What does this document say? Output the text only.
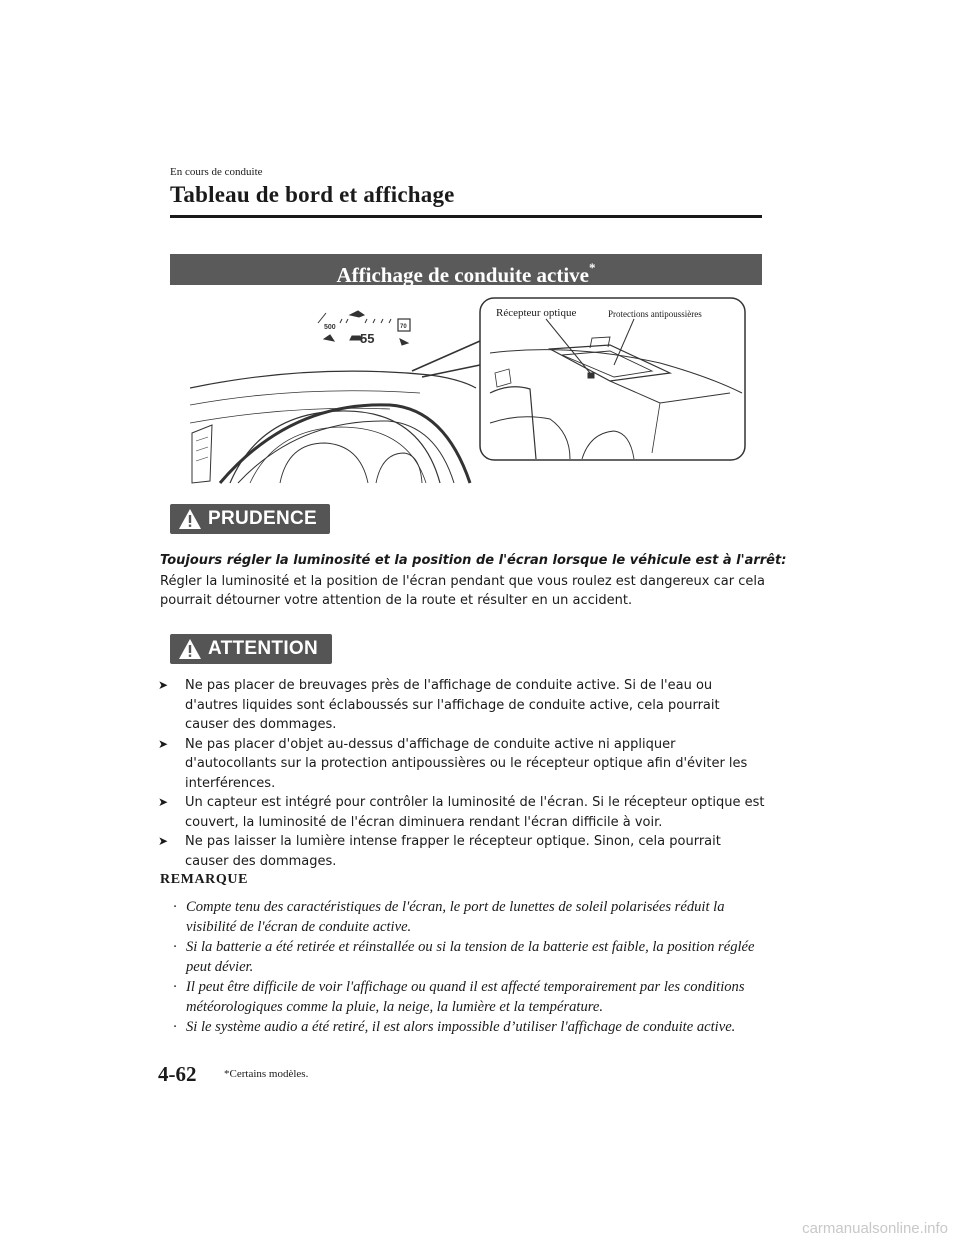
En cours de conduite
Tableau de bord et affichage
Affichage de conduite active*
500
55
70
Récepteur optique	Protections antipoussières
PRUDENCE
Toujours régler la luminosité et la position de l'écran lorsque le véhicule est à l'arrêt:
Régler la luminosité et la position de l'écran pendant que vous roulez est dangereux car cela pourrait détourner votre attention de la route et résulter en un accident.
ATTENTION
➤ Ne pas placer de breuvages près de l'affichage de conduite active. Si de l'eau ou d'autres liquides sont éclaboussés sur l'affichage de conduite active, cela pourrait causer des dommages.
➤ Ne pas placer d'objet au-dessus d'affichage de conduite active ni appliquer d'autocollants sur la protection antipoussières ou le récepteur optique afin d'éviter les interférences.
➤ Un capteur est intégré pour contrôler la luminosité de l'écran. Si le récepteur optique est couvert, la luminosité de l'écran diminuera rendant l'écran difficile à voir.
➤ Ne pas laisser la lumière intense frapper le récepteur optique. Sinon, cela pourrait causer des dommages.
REMARQUE
· Compte tenu des caractéristiques de l'écran, le port de lunettes de soleil polarisées réduit la visibilité de l'écran de conduite active.
· Si la batterie a été retirée et réinstallée ou si la tension de la batterie est faible, la position réglée peut dévier.
· Il peut être difficile de voir l'affichage ou quand il est affecté temporairement par les conditions météorologiques comme la pluie, la neige, la lumière et la température.
· Si le système audio a été retiré, il est alors impossible d’utiliser l'affichage de conduite active.
4-62	*Certains modèles.
carmanualsonline.info
